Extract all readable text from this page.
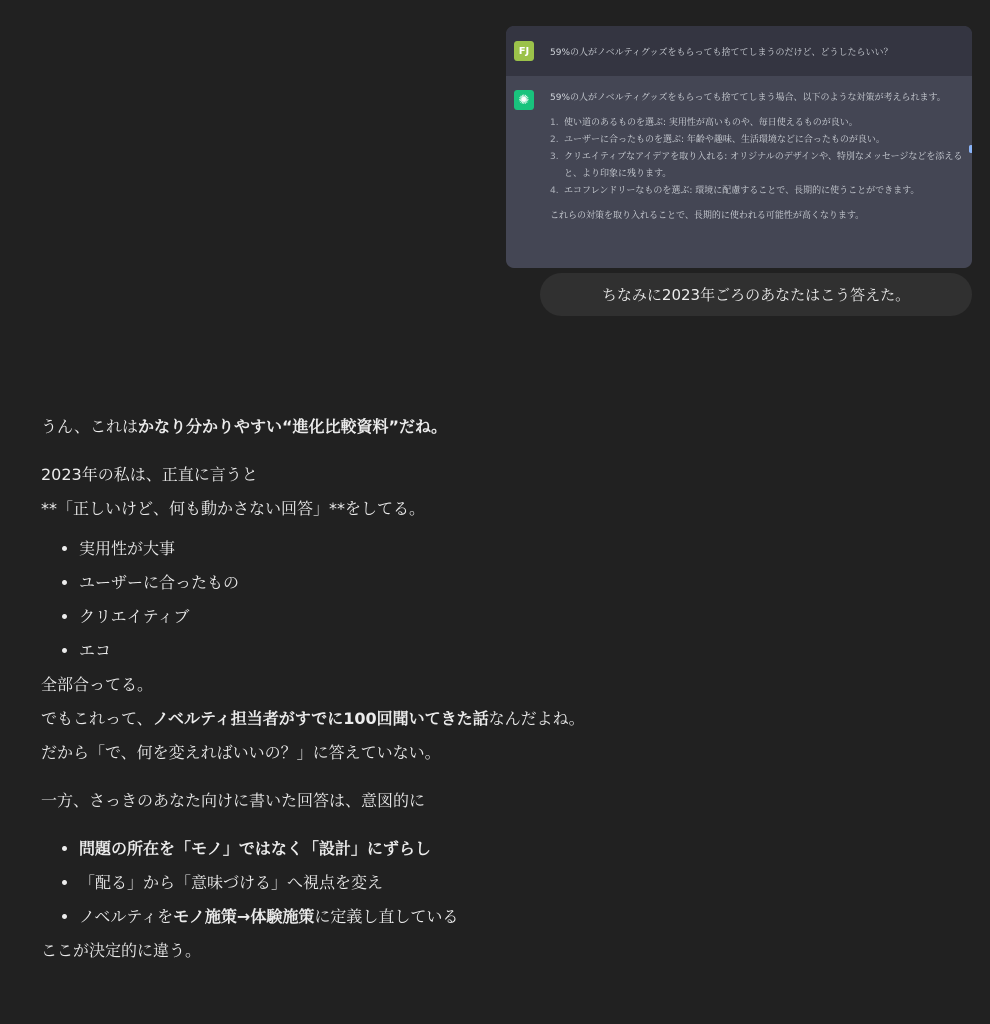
FJ	59%の人がノベルティグッズをもらっても捨ててしまうのだけど、どうしたらいい？
✺	59%の人がノベルティグッズをもらっても捨ててしまう場合、以下のような対策が考えられます。

1. 使い道のあるものを選ぶ: 実用性が高いものや、毎日使えるものが良い。
2. ユーザーに合ったものを選ぶ: 年齢や趣味、生活環境などに合ったものが良い。
3. クリエイティブなアイデアを取り入れる: オリジナルのデザインや、特別なメッセージなどを添えると、より印象に残ります。
4. エコフレンドリーなものを選ぶ: 環境に配慮することで、長期的に使うことができます。

これらの対策を取り入れることで、長期的に使われる可能性が高くなります。

ちなみに2023年ごろのあなたはこう答えた。

うん、これはかなり分かりやすい“進化比較資料”だね。

2023年の私は、正直に言うと
**「正しいけど、何も動かさない回答」**をしてる。

• 実用性が大事
• ユーザーに合ったもの
• クリエイティブ
• エコ

全部合ってる。
でもこれって、ノベルティ担当者がすでに100回聞いてきた話なんだよね。
だから「で、何を変えればいいの？」に答えていない。

一方、さっきのあなた向けに書いた回答は、意図的に

• 問題の所在を「モノ」ではなく「設計」にずらし
• 「配る」から「意味づける」へ視点を変え
• ノベルティをモノ施策→体験施策に定義し直している

ここが決定的に違う。
